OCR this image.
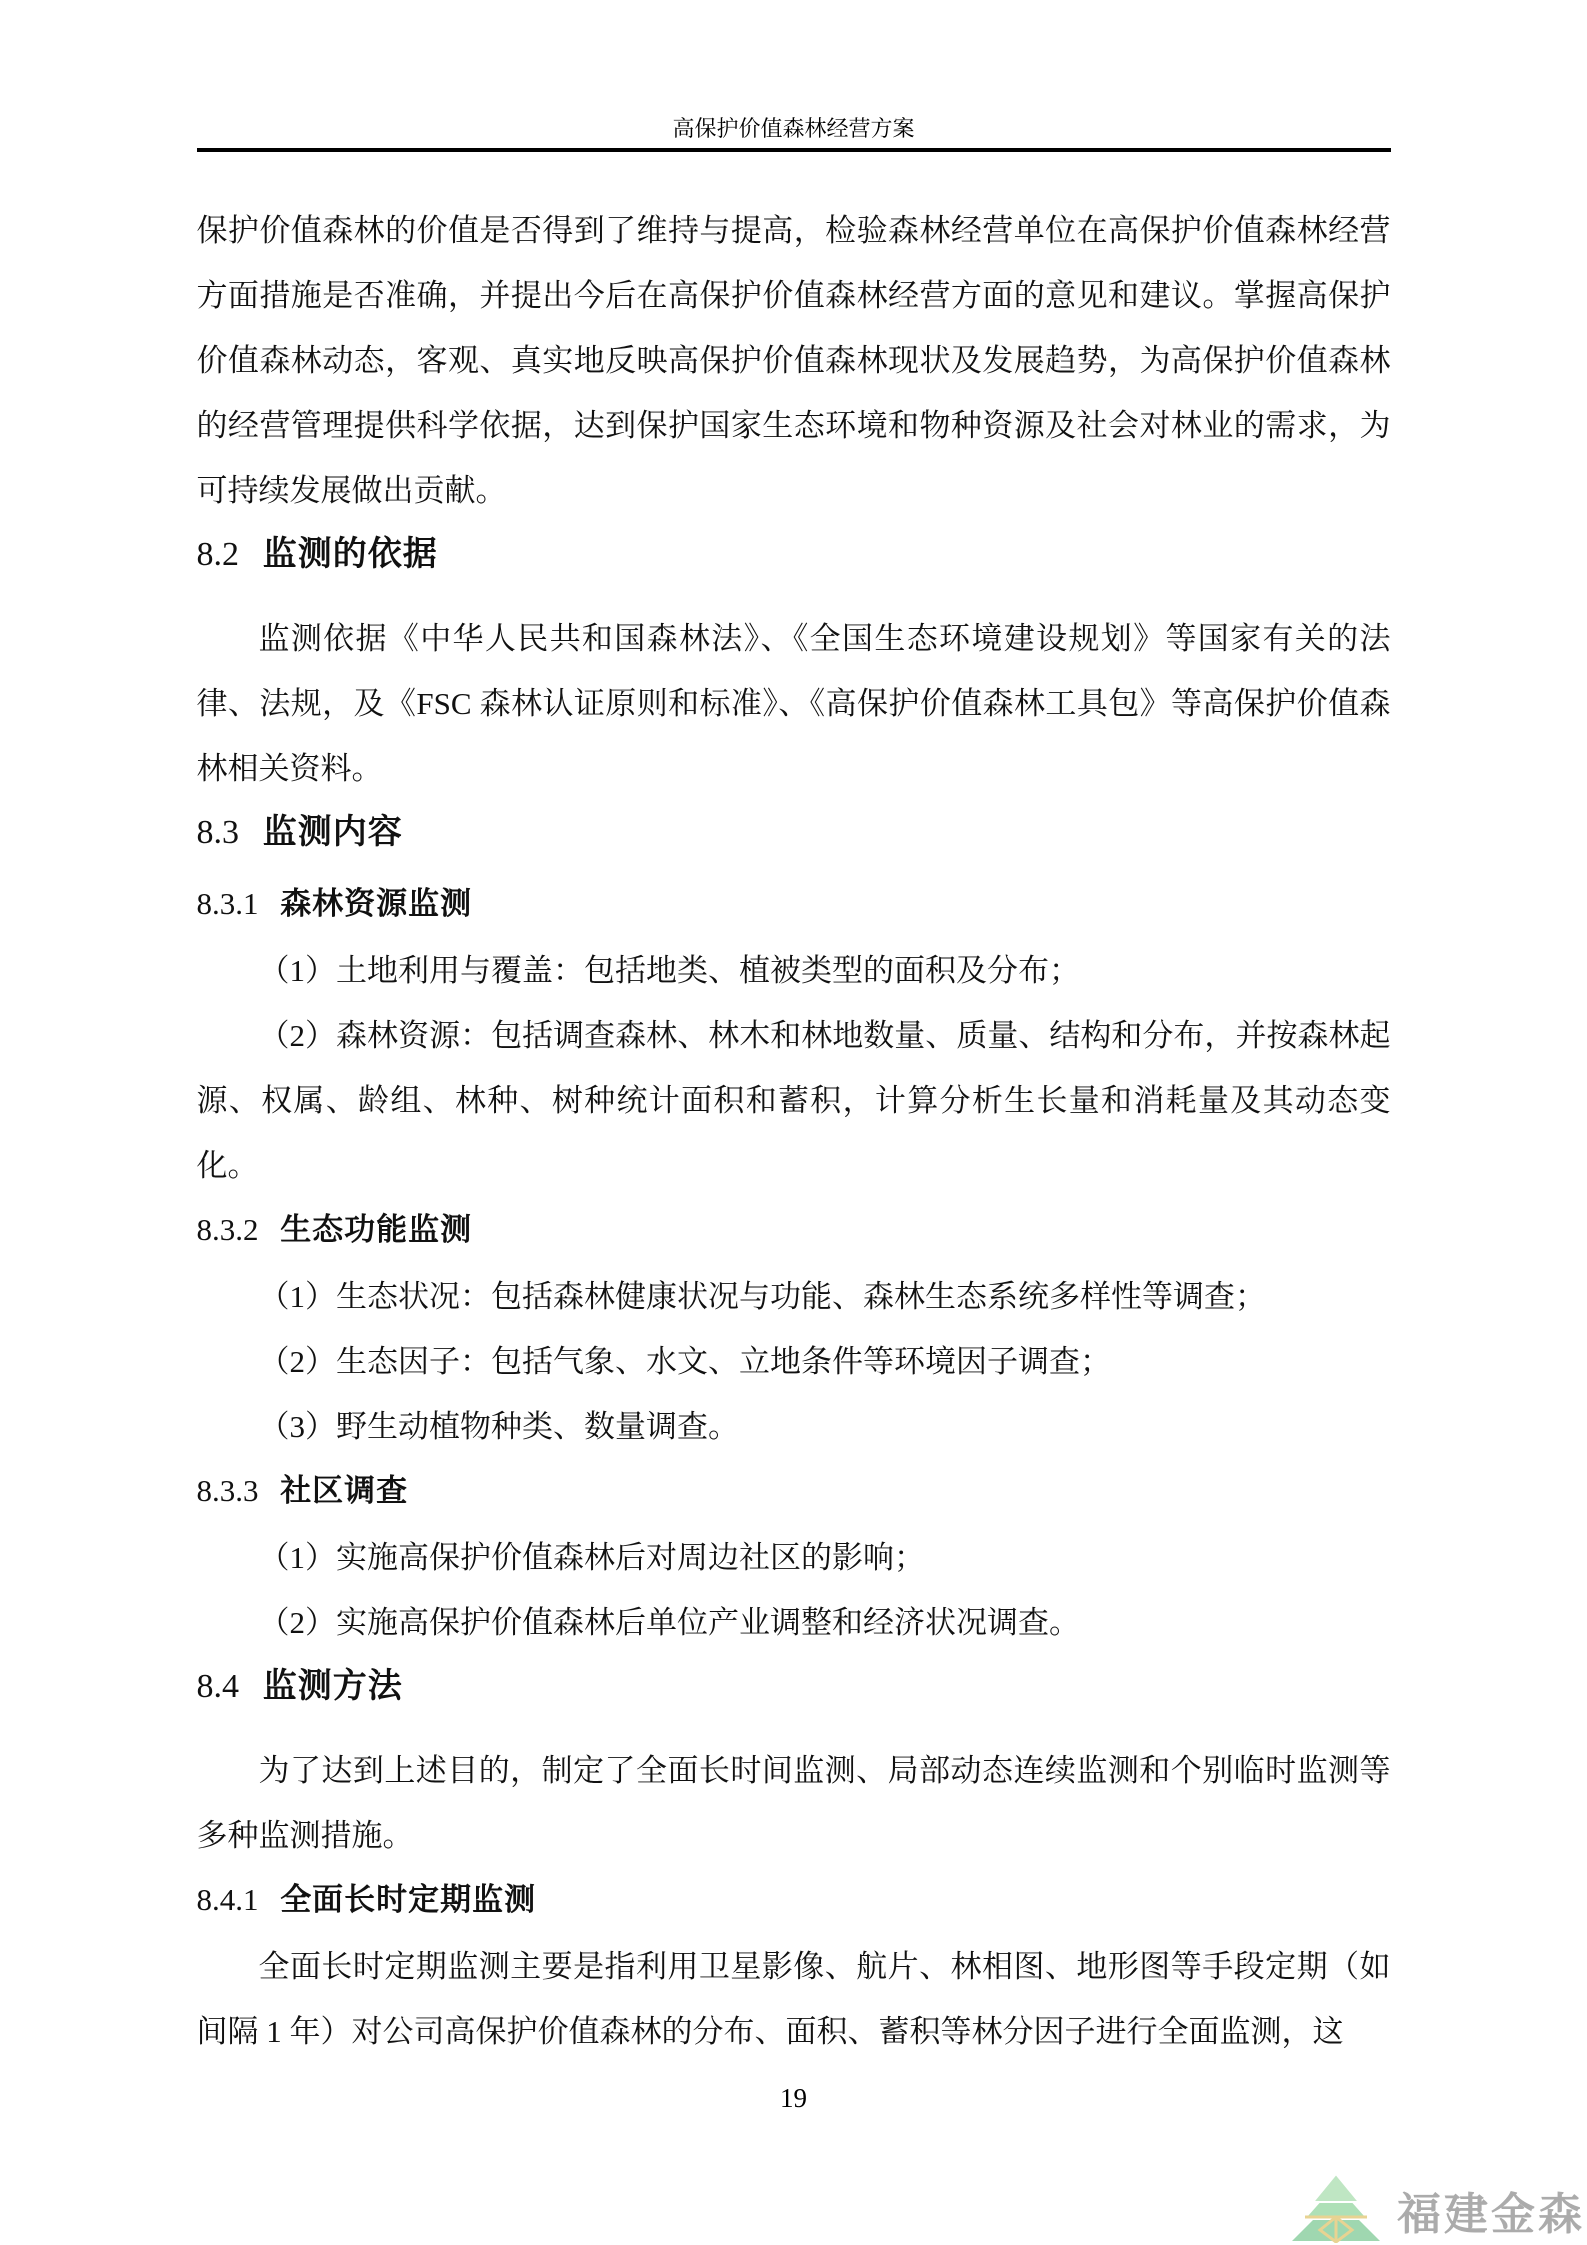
高保护价值森林经营方案

保护价值森林的价值是否得到了维持与提高，检验森林经营单位在高保护价值森林经营方面措施是否准确，并提出今后在高保护价值森林经营方面的意见和建议。掌握高保护价值森林动态，客观、真实地反映高保护价值森林现状及发展趋势，为高保护价值森林的经营管理提供科学依据，达到保护国家生态环境和物种资源及社会对林业的需求，为可持续发展做出贡献。

8.2 监测的依据

监测依据《中华人民共和国森林法》、《全国生态环境建设规划》等国家有关的法律、法规，及《FSC 森林认证原则和标准》、《高保护价值森林工具包》等高保护价值森林相关资料。

8.3 监测内容
8.3.1 森林资源监测

（1）土地利用与覆盖：包括地类、植被类型的面积及分布；

（2）森林资源：包括调查森林、林木和林地数量、质量、结构和分布，并按森林起源、权属、龄组、林种、树种统计面积和蓄积，计算分析生长量和消耗量及其动态变化。

8.3.2 生态功能监测

（1）生态状况：包括森林健康状况与功能、森林生态系统多样性等调查；

（2）生态因子：包括气象、水文、立地条件等环境因子调查；

（3）野生动植物种类、数量调查。

8.3.3 社区调查

（1）实施高保护价值森林后对周边社区的影响；

（2）实施高保护价值森林后单位产业调整和经济状况调查。

8.4 监测方法

为了达到上述目的，制定了全面长时间监测、局部动态连续监测和个别临时监测等多种监测措施。

8.4.1 全面长时定期监测

全面长时定期监测主要是指利用卫星影像、航片、林相图、地形图等手段定期（如间隔 1 年）对公司高保护价值森林的分布、面积、蓄积等林分因子进行全面监测，这

19
福建金森
